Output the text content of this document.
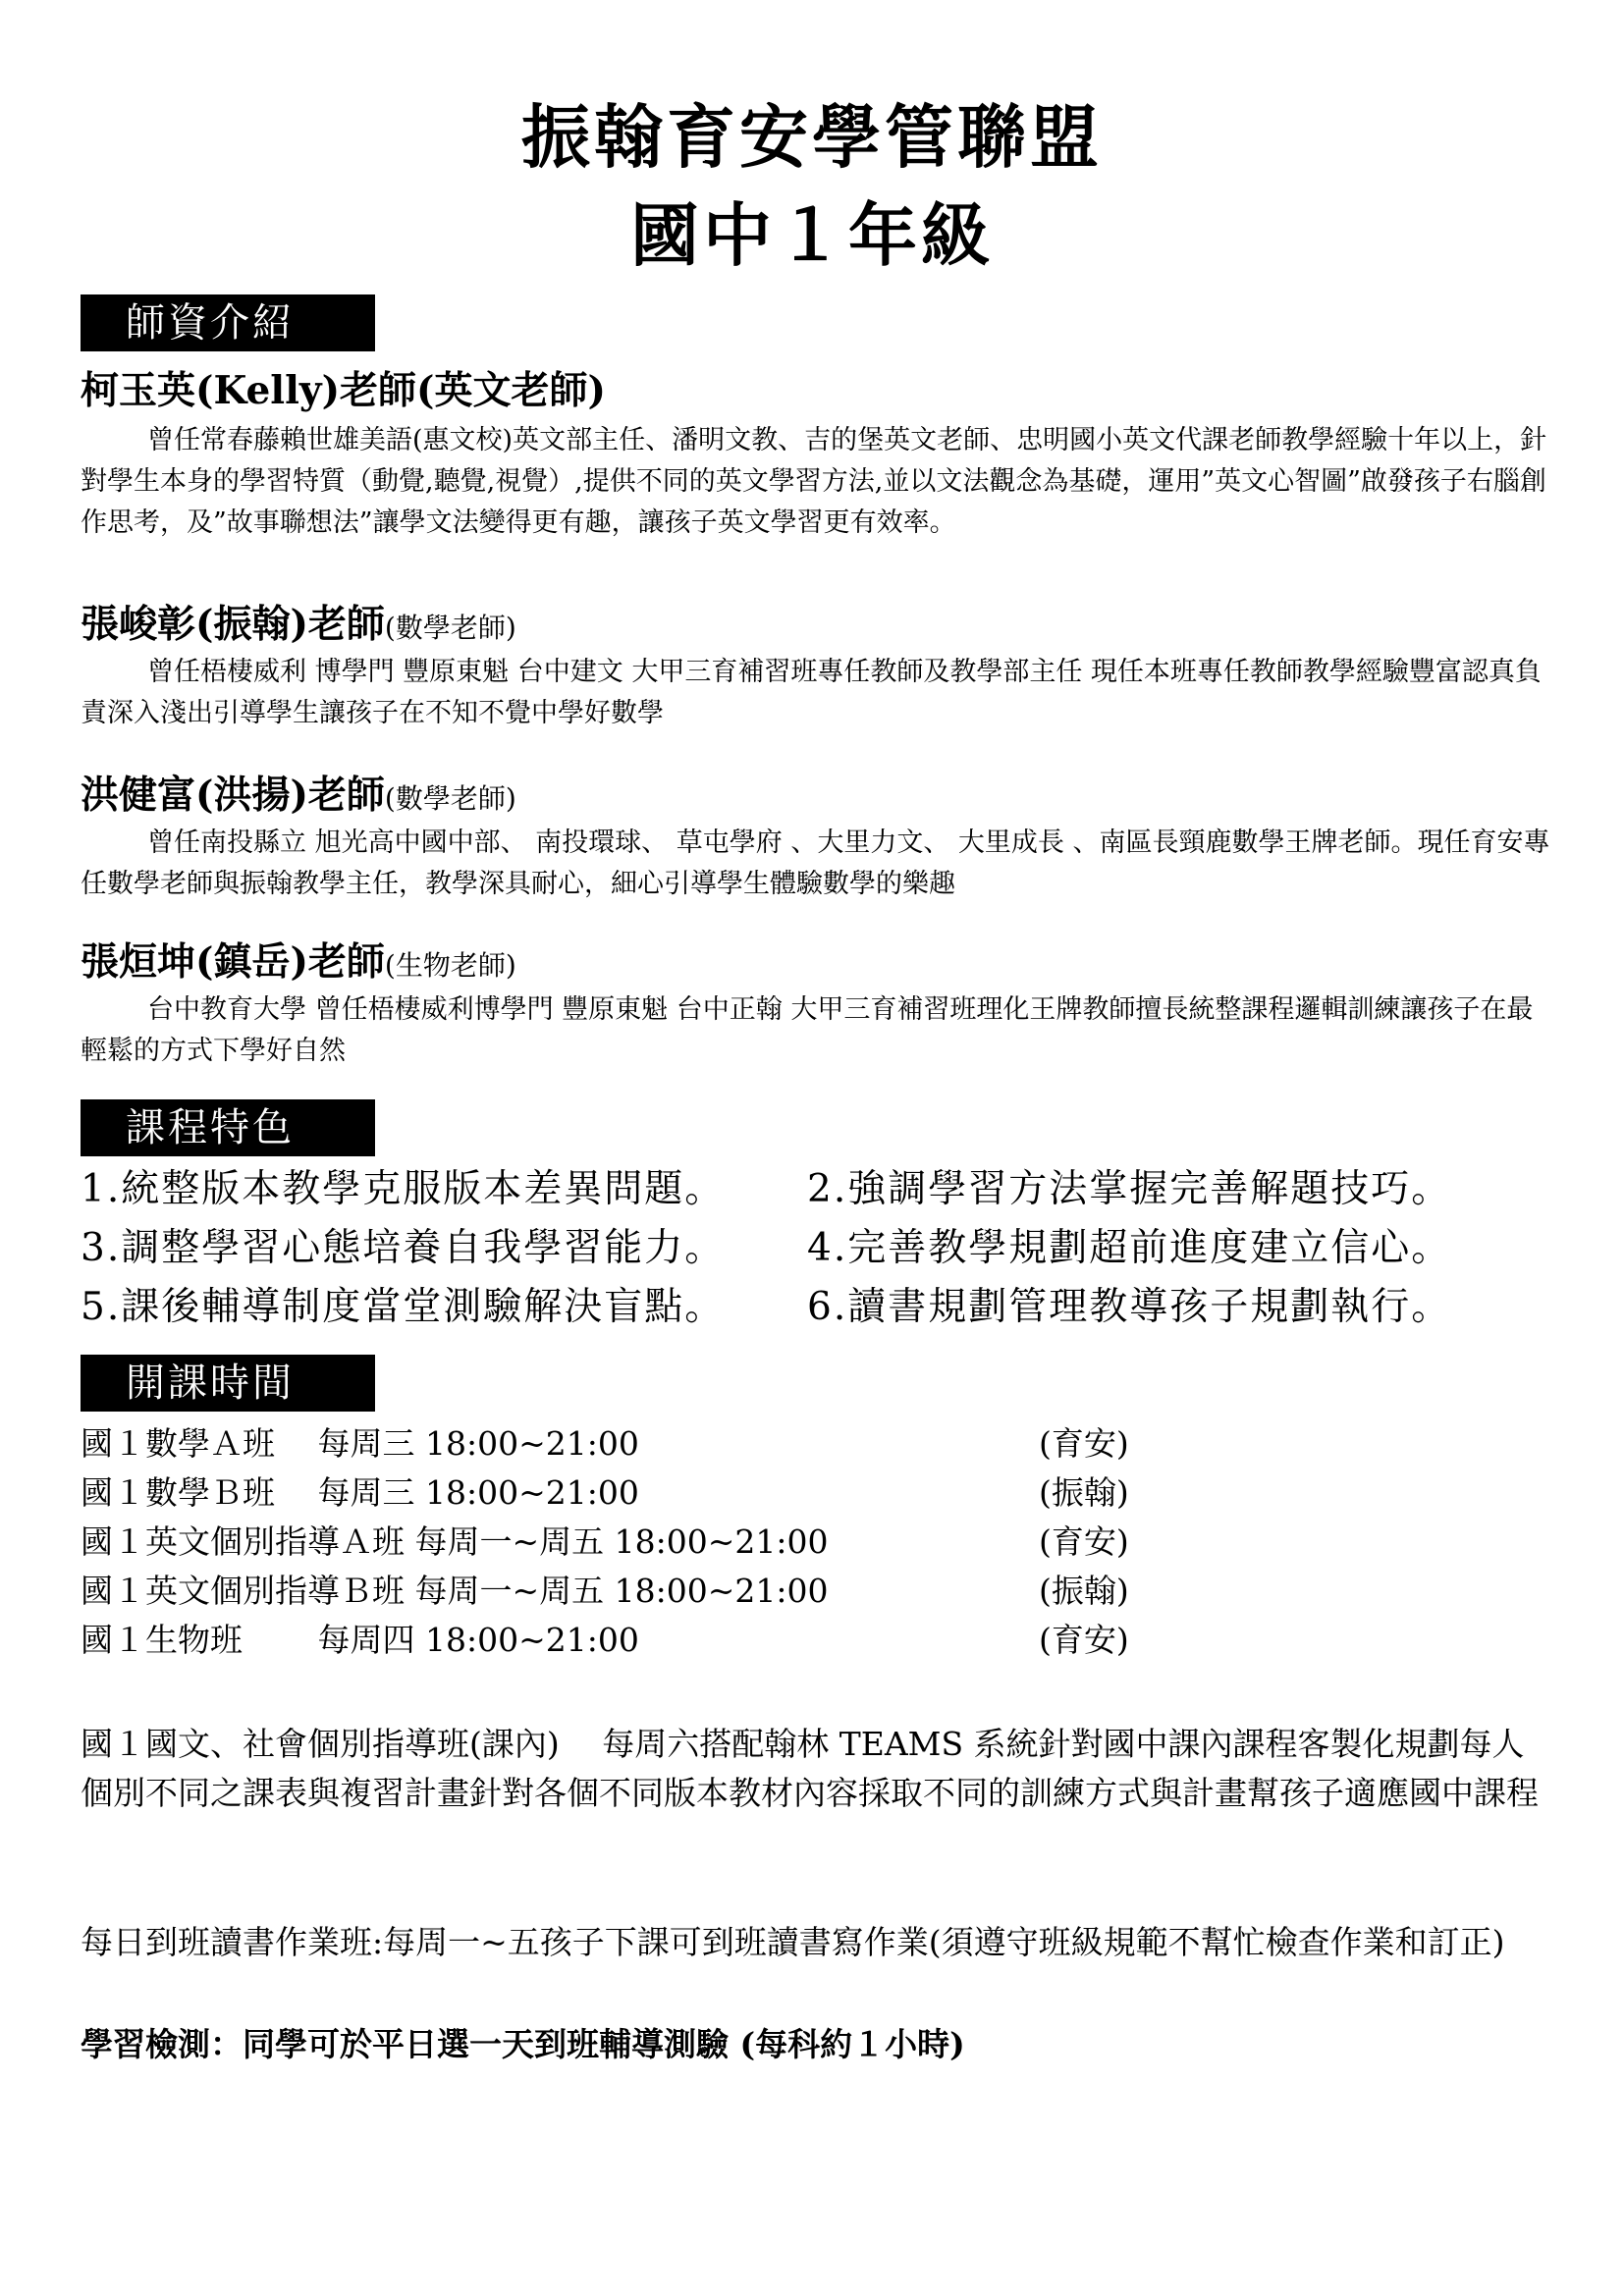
振翰育安學管聯盟
國中１年級
師資介紹
柯玉英(Kelly)老師(英文老師)
曾任常春藤賴世雄美語(惠文校)英文部主任、潘明文教、吉的堡英文老師、忠明國小英文代課老師教學經驗十年以上，針對學生本身的學習特質（動覺,聽覺,視覺）,提供不同的英文學習方法,並以文法觀念為基礎，運用”英文心智圖”啟發孩子右腦創作思考，及”故事聯想法”讓學文法變得更有趣，讓孩子英文學習更有效率。
張峻彰(振翰)老師(數學老師)
曾任梧棲威利 博學門 豐原東魁 台中建文 大甲三育補習班專任教師及教學部主任 現任本班專任教師教學經驗豐富認真負責深入淺出引導學生讓孩子在不知不覺中學好數學
洪健富(洪揚)老師(數學老師)
曾任南投縣立 旭光高中國中部、 南投環球、 草屯學府 、大里力文、 大里成長 、南區長頸鹿數學王牌老師。現任育安專任數學老師與振翰教學主任，教學深具耐心，細心引導學生體驗數學的樂趣
張烜坤(鎮岳)老師(生物老師)
台中教育大學 曾任梧棲威利博學門 豐原東魁 台中正翰 大甲三育補習班理化王牌教師擅長統整課程邏輯訓練讓孩子在最輕鬆的方式下學好自然
課程特色
1.統整版本教學克服版本差異問題。 2.強調學習方法掌握完善解題技巧。
3.調整學習心態培養自我學習能力。 4.完善教學規劃超前進度建立信心。
5.課後輔導制度當堂測驗解決盲點。 6.讀書規劃管理教導孩子規劃執行。
開課時間
國１數學Ａ班　 每周三 18:00~21:00	(育安)
國１數學Ｂ班　 每周三 18:00~21:00	(振翰)
國１英文個別指導Ａ班 每周一~周五 18:00~21:00	(育安)
國１英文個別指導Ｂ班 每周一~周五 18:00~21:00	(振翰)
國１生物班　　 每周四 18:00~21:00	(育安)
國１國文、社會個別指導班(課內)　 每周六搭配翰林 TEAMS 系統針對國中課內課程客製化規劃每人個別不同之課表與複習計畫針對各個不同版本教材內容採取不同的訓練方式與計畫幫孩子適應國中課程
每日到班讀書作業班:每周一~五孩子下課可到班讀書寫作業(須遵守班級規範不幫忙檢查作業和訂正)
學習檢測：同學可於平日選一天到班輔導測驗 (每科約１小時)
